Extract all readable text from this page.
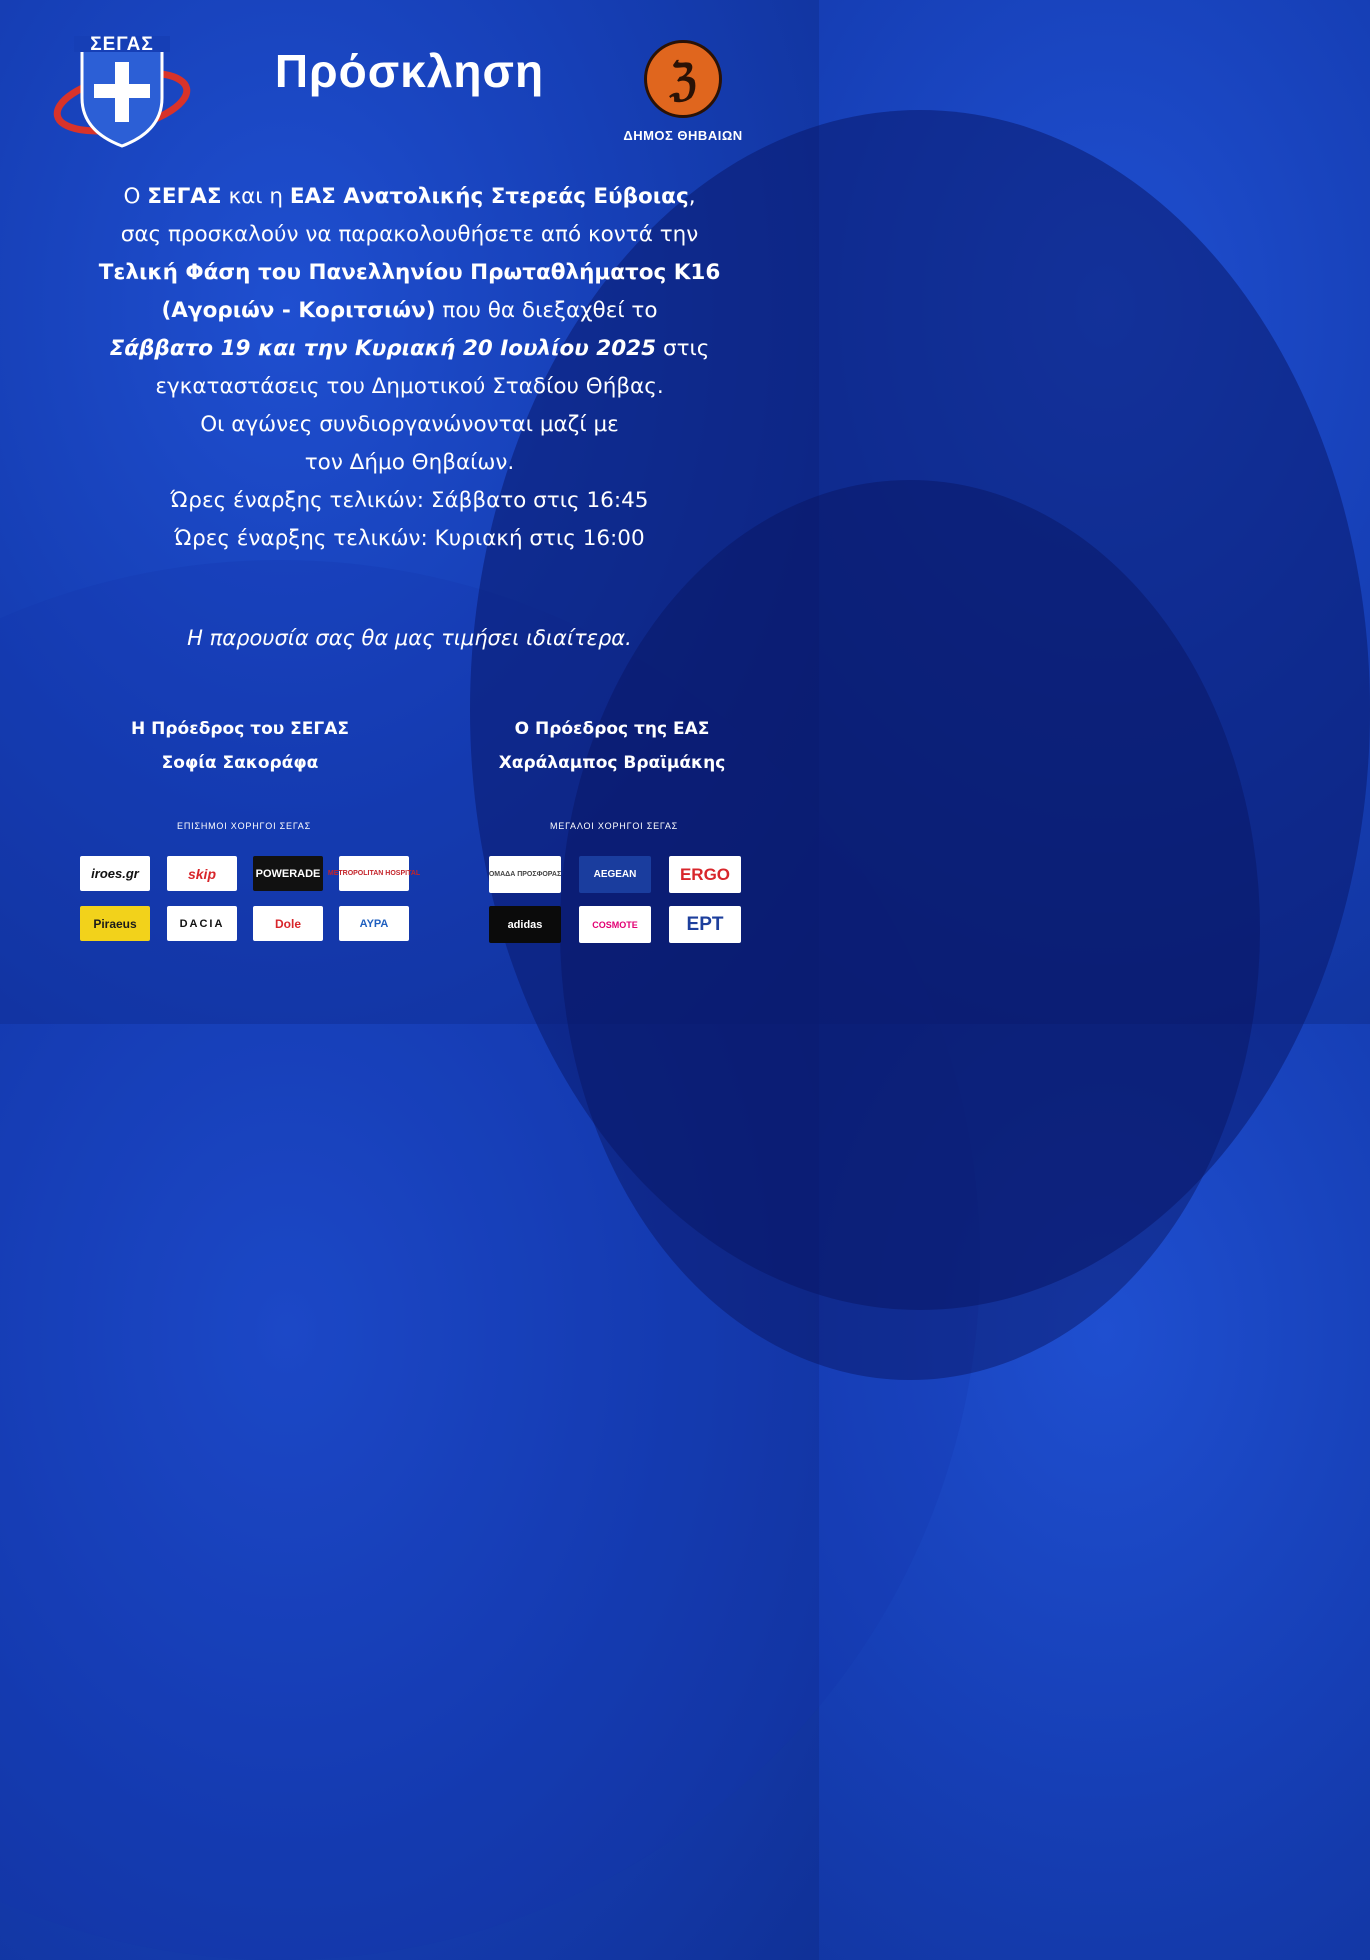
ΣΕΓΑΣ
Πρόσκληση	ℨ
ΔΗΜΟΣ ΘΗΒΑΙΩΝ
Ο ΣΕΓΑΣ και η ΕΑΣ Ανατολικής Στερεάς Εύβοιας,
σας προσκαλούν να παρακολουθήσετε από κοντά την
Τελική Φάση του Πανελληνίου Πρωταθλήματος Κ16
(Αγοριών - Κοριτσιών) που θα διεξαχθεί το
Σάββατο 19 και την Κυριακή 20 Ιουλίου 2025 στις
εγκαταστάσεις του Δημοτικού Σταδίου Θήβας.
Οι αγώνες συνδιοργανώνονται μαζί με
τον Δήμο Θηβαίων.
Ώρες έναρξης τελικών: Σάββατο στις 16:45
Ώρες έναρξης τελικών: Κυριακή στις 16:00
Η παρουσία σας θα μας τιμήσει ιδιαίτερα.
Η Πρόεδρος του ΣΕΓΑΣ
Σοφία Σακοράφα
Ο Πρόεδρος της ΕΑΣ
Χαράλαμπος Βραϊμάκης
ΕΠΙΣΗΜΟΙ ΧΟΡΗΓΟΙ ΣΕΓΑΣ	ΜΕΓΑΛΟΙ ΧΟΡΗΓΟΙ ΣΕΓΑΣ
iroes.gr	skip	POWERADE	METROPOLITAN HOSPITAL
Piraeus	DACIA	Dole	ΑΥΡΑ
ΟΜΑΔΑ ΠΡΟΣΦΟΡΑΣ	AEGEAN	ERGO
adidas	COSMOTE	ΕΡΤ
